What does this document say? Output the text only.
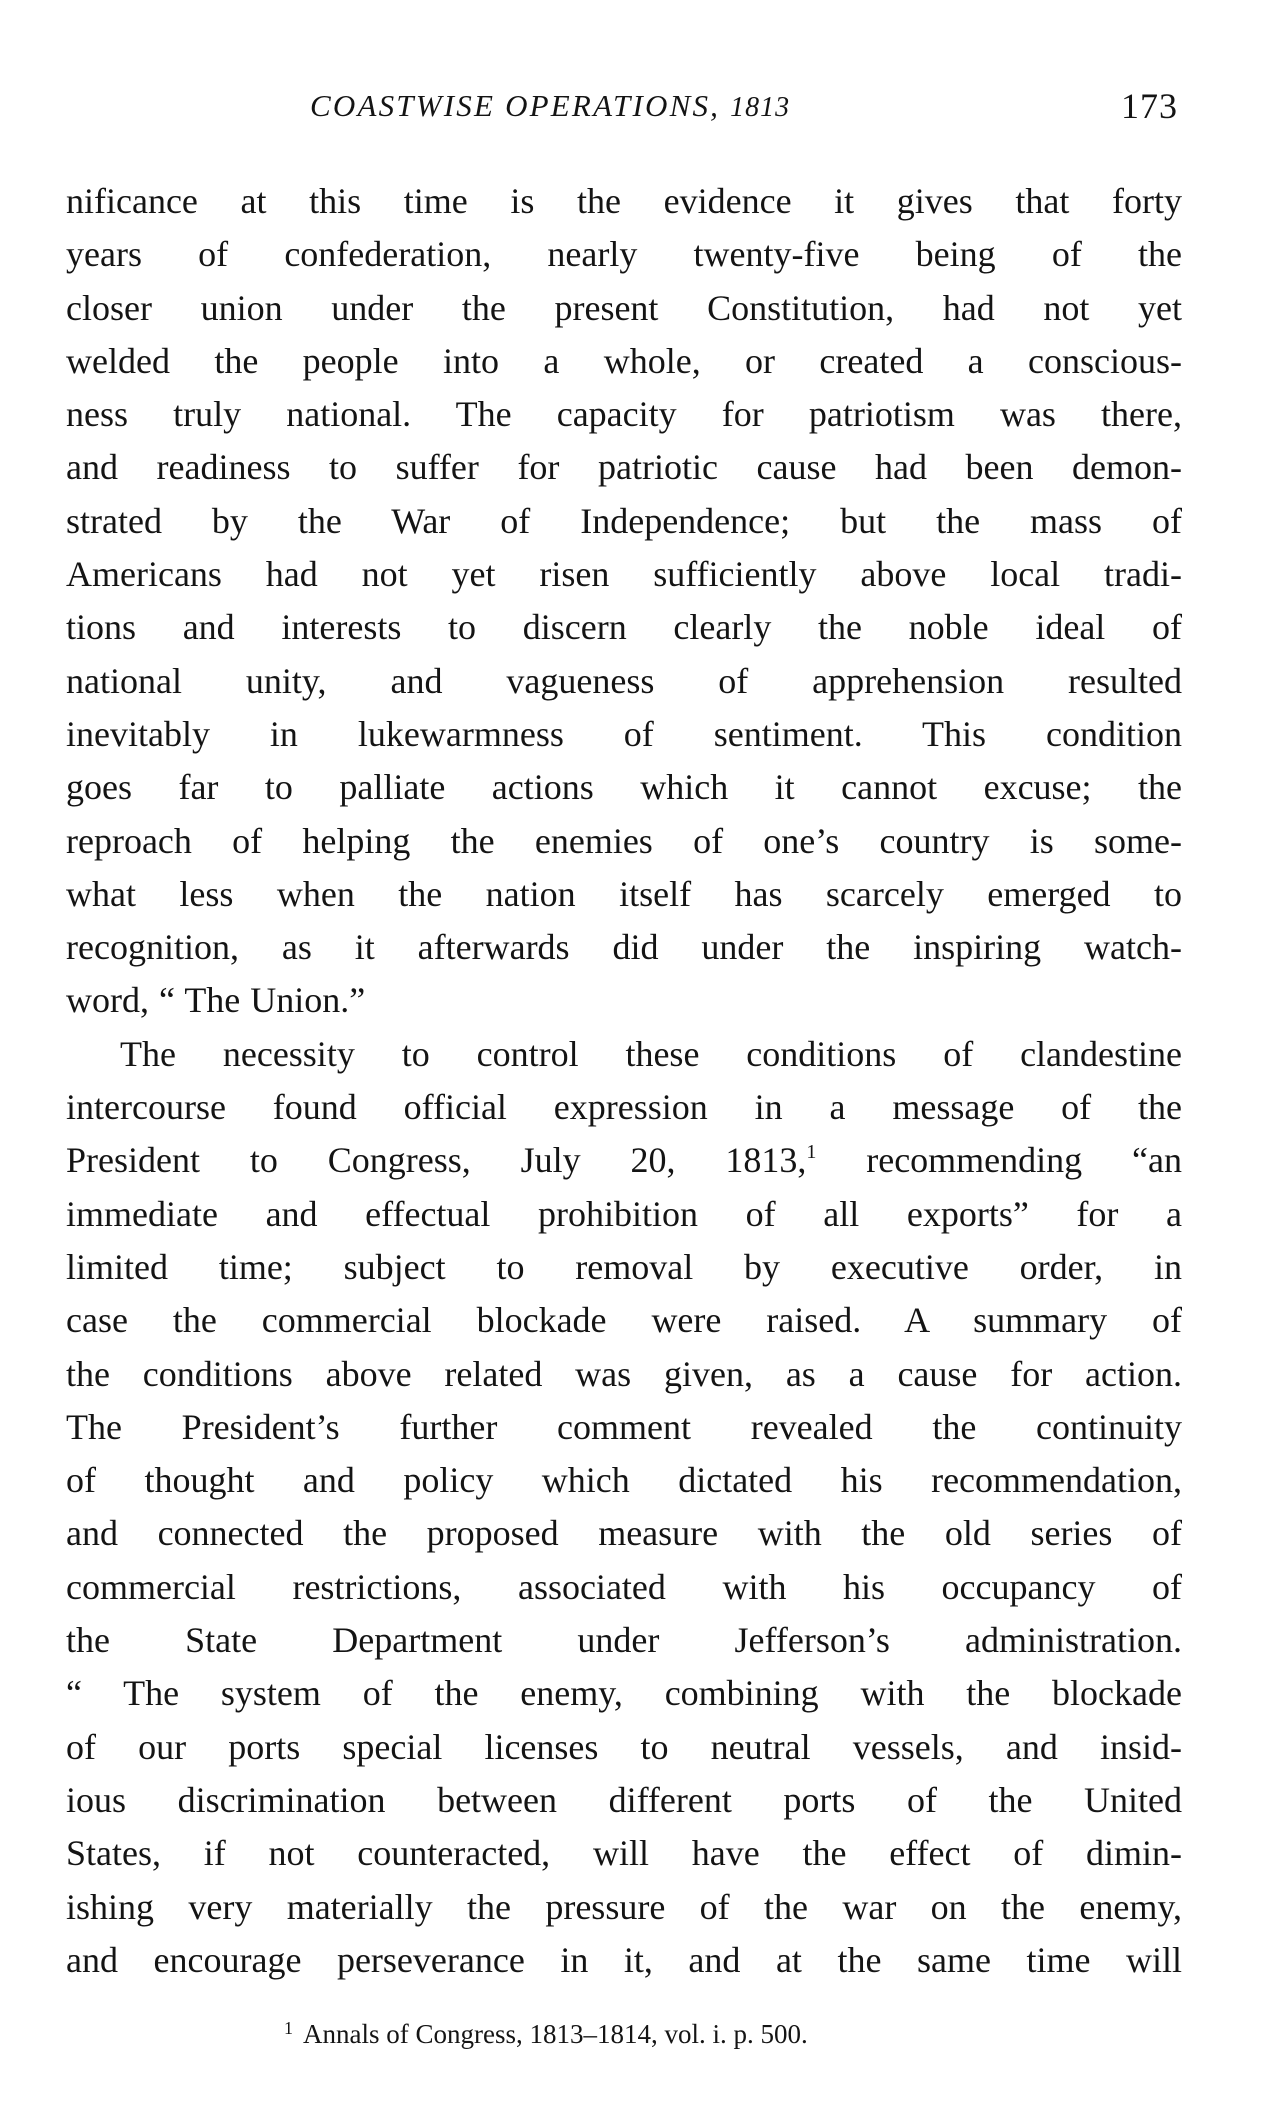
COASTWISE OPERATIONS, 1813	173
nificance at this time is the evidence it gives that forty
years of confederation, nearly twenty-five being of the
closer union under the present Constitution, had not yet
welded the people into a whole, or created a conscious-
ness truly national. The capacity for patriotism was there,
and readiness to suffer for patriotic cause had been demon-
strated by the War of Independence; but the mass of
Americans had not yet risen sufficiently above local tradi-
tions and interests to discern clearly the noble ideal of
national unity, and vagueness of apprehension resulted
inevitably in lukewarmness of sentiment. This condition
goes far to palliate actions which it cannot excuse; the
reproach of helping the enemies of one’s country is some-
what less when the nation itself has scarcely emerged to
recognition, as it afterwards did under the inspiring watch-
word, “ The Union.”
The necessity to control these conditions of clandestine
intercourse found official expression in a message of the
President to Congress, July 20, 1813,$^1$ recommending “an
immediate and effectual prohibition of all exports” for a
limited time; subject to removal by executive order, in
case the commercial blockade were raised. A summary of
the conditions above related was given, as a cause for action.
The President’s further comment revealed the continuity
of thought and policy which dictated his recommendation,
and connected the proposed measure with the old series of
commercial restrictions, associated with his occupancy of
the State Department under Jefferson’s administration.
“ The system of the enemy, combining with the blockade
of our ports special licenses to neutral vessels, and insid-
ious discrimination between different ports of the United
States, if not counteracted, will have the effect of dimin-
ishing very materially the pressure of the war on the enemy,
and encourage perseverance in it, and at the same time will
$^1$ Annals of Congress, 1813–1814, vol. i. p. 500.
